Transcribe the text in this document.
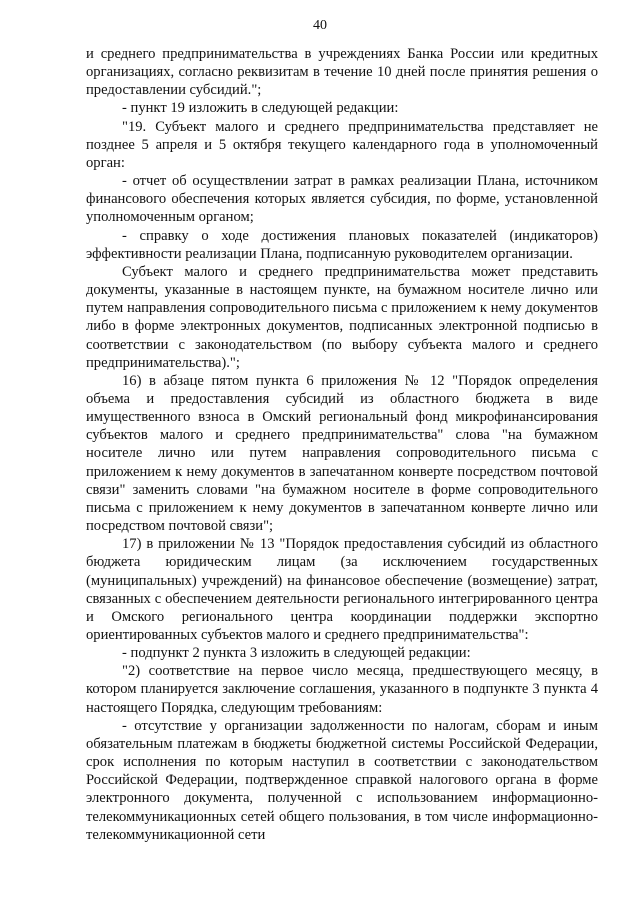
40

и среднего предпринимательства в учреждениях Банка России или кредитных организациях, согласно реквизитам в течение 10 дней после принятия решения о предоставлении субсидий.";

- пункт 19 изложить в следующей редакции:

"19. Субъект малого и среднего предпринимательства представляет не позднее 5 апреля и 5 октября текущего календарного года в уполномоченный орган:

- отчет об осуществлении затрат в рамках реализации Плана, источником финансового обеспечения которых является субсидия, по форме, установленной уполномоченным органом;

- справку о ходе достижения плановых показателей (индикаторов) эффективности реализации Плана, подписанную руководителем организации.

Субъект малого и среднего предпринимательства может представить документы, указанные в настоящем пункте, на бумажном носителе лично или путем направления сопроводительного письма с приложением к нему документов либо в форме электронных документов, подписанных электронной подписью в соответствии с законодательством (по выбору субъекта малого и среднего предпринимательства).";

16) в абзаце пятом пункта 6 приложения № 12 "Порядок определения объема и предоставления субсидий из областного бюджета в виде имущественного взноса в Омский региональный фонд микрофинансирования субъектов малого и среднего предпринимательства" слова "на бумажном носителе лично или путем направления сопроводительного письма с приложением к нему документов в запечатанном конверте посредством почтовой связи" заменить словами "на бумажном носителе в форме сопроводительного письма с приложением к нему документов в запечатанном конверте лично или посредством почтовой связи";

17) в приложении № 13 "Порядок предоставления субсидий из областного бюджета юридическим лицам (за исключением государственных (муниципальных) учреждений) на финансовое обеспечение (возмещение) затрат, связанных с обеспечением деятельности регионального интегрированного центра и Омского регионального центра координации поддержки экспортно ориентированных субъектов малого и среднего предпринимательства":

- подпункт 2 пункта 3 изложить в следующей редакции:

"2) соответствие на первое число месяца, предшествующего месяцу, в котором планируется заключение соглашения, указанного в подпункте 3 пункта 4 настоящего Порядка, следующим требованиям:

- отсутствие у организации задолженности по налогам, сборам и иным обязательным платежам в бюджеты бюджетной системы Российской Федерации, срок исполнения по которым наступил в соответствии с законодательством Российской Федерации, подтвержденное справкой налогового органа в форме электронного документа, полученной с использованием информационно-телекоммуникационных сетей общего пользования, в том числе информационно-телекоммуникационной сети
